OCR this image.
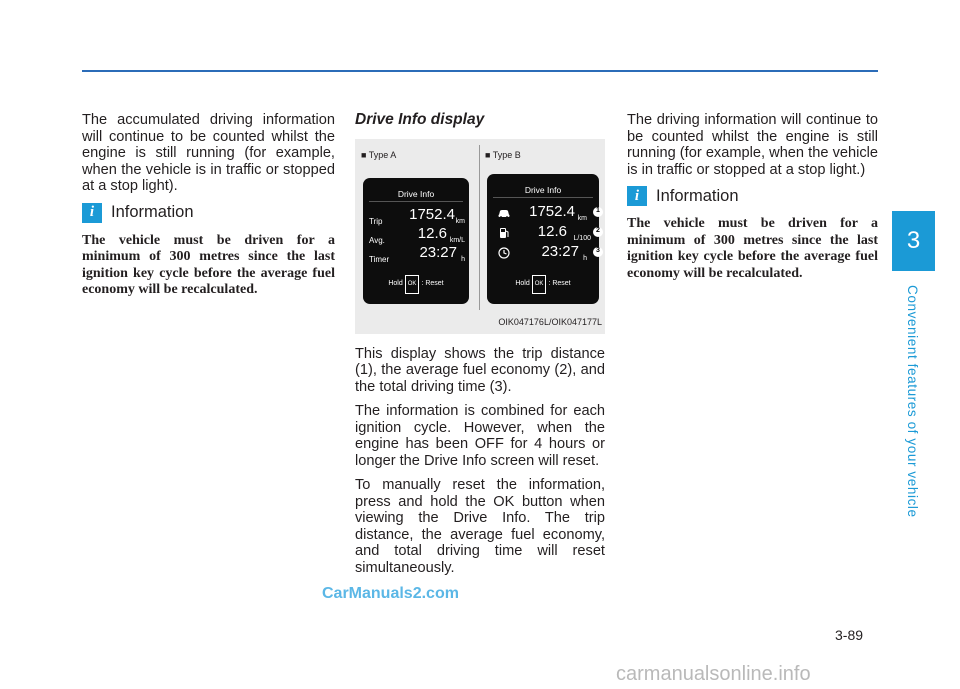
3
Convenient features of your vehicle

The accumulated driving information will continue to be counted whilst the engine is still running (for example, when the vehicle is in traffic or stopped at a stop light).

i	Information

The vehicle must be driven for a minimum of 300 metres since the last ignition key cycle before the average fuel economy will be recalculated.

Drive Info display
■ Type A	■ Type B
Drive Info
Trip 1752.4 km
Avg. 12.6 km/L
Timer 23:27 h
Hold OK : Reset
Drive Info
1752.4 km
1
12.6 L/100
2
23:27 h
3
Hold OK : Reset
OIK047176L/OIK047177L

This display shows the trip distance (1), the average fuel economy (2), and the total driving time (3).

The information is combined for each ignition cycle. However, when the engine has been OFF for 4 hours or longer the Drive Info screen will reset.

To manually reset the information, press and hold the OK button when viewing the Drive Info. The trip distance, the average fuel economy, and total driving time will reset simultaneously.

The driving information will continue to be counted whilst the engine is still running (for example, when the vehicle is in traffic or stopped at a stop light.)

i	Information

The vehicle must be driven for a minimum of 300 metres since the last ignition key cycle before the average fuel economy will be recalculated.

CarManuals2.com
3-89
carmanualsonline.info
